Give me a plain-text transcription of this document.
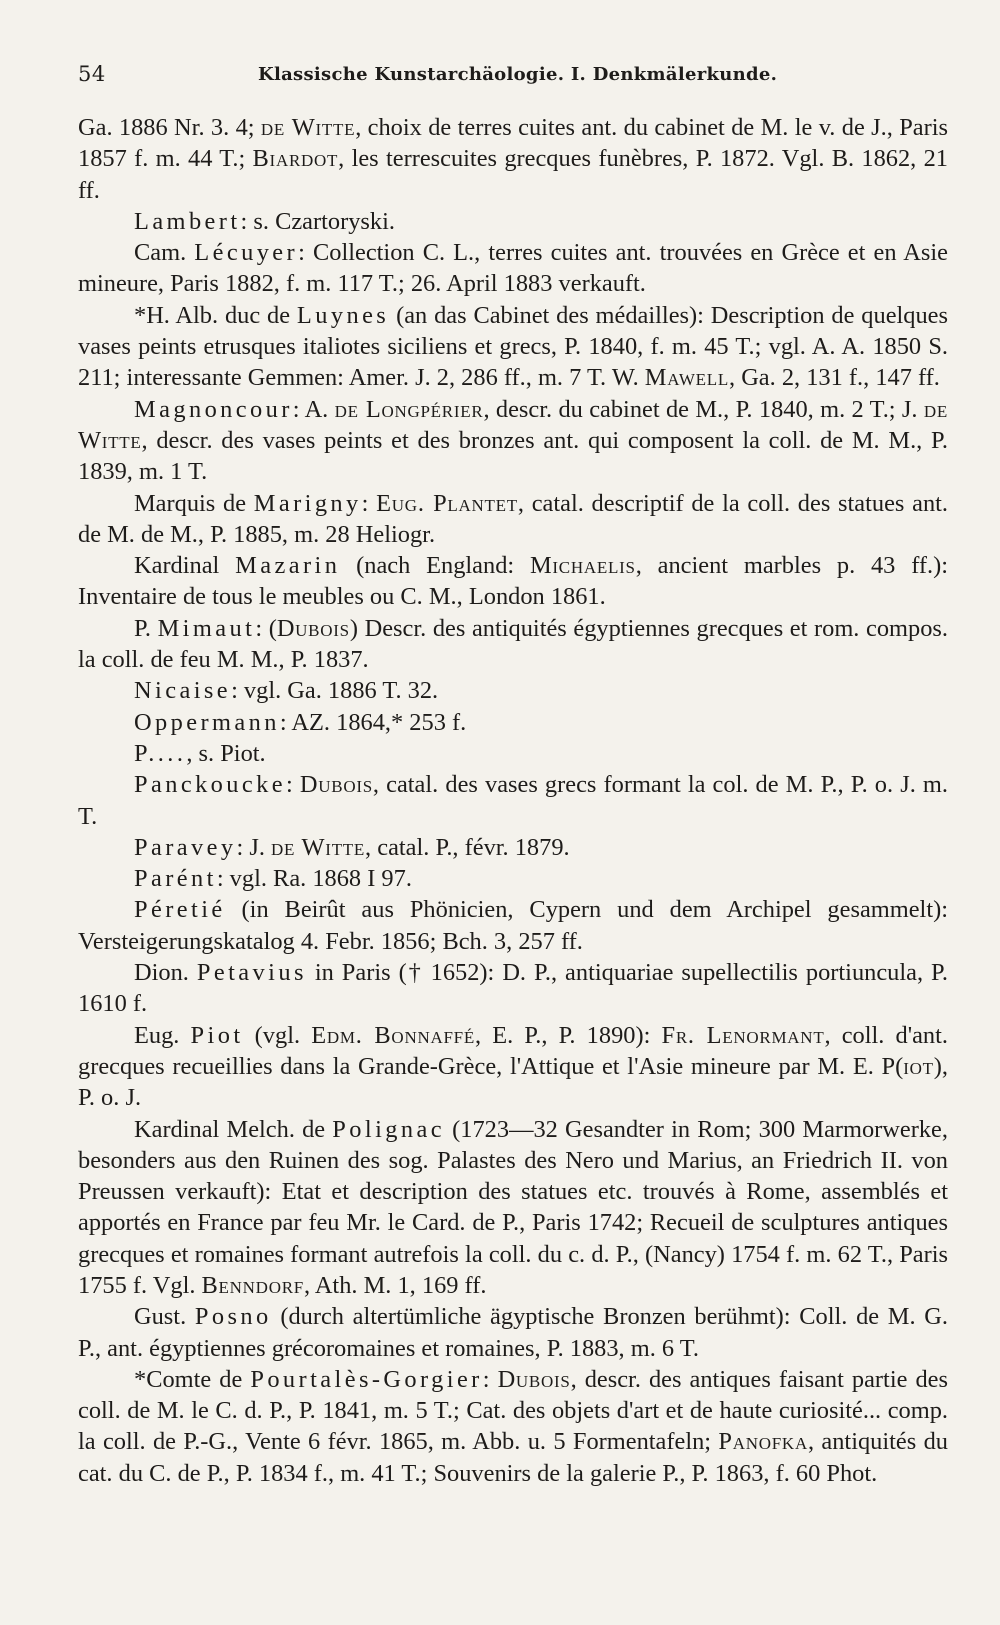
54	Klassische Kunstarchäologie. I. Denkmälerkunde.

Ga. 1886 Nr. 3. 4; de Witte, choix de terres cuites ant. du cabinet de M. le v. de J., Paris 1857 f. m. 44 T.; Biardot, les terrescuites grecques funèbres, P. 1872. Vgl. B. 1862, 21 ff.

Lambert: s. Czartoryski.

Cam. Lécuyer: Collection C. L., terres cuites ant. trouvées en Grèce et en Asie mineure, Paris 1882, f. m. 117 T.; 26. April 1883 verkauft.

*H. Alb. duc de Luynes (an das Cabinet des médailles): Description de quelques vases peints etrusques italiotes siciliens et grecs, P. 1840, f. m. 45 T.; vgl. A. A. 1850 S. 211; interessante Gemmen: Amer. J. 2, 286 ff., m. 7 T. W. Mawell, Ga. 2, 131 f., 147 ff.

Magnoncour: A. de Longpérier, descr. du cabinet de M., P. 1840, m. 2 T.; J. de Witte, descr. des vases peints et des bronzes ant. qui composent la coll. de M. M., P. 1839, m. 1 T.

Marquis de Marigny: Eug. Plantet, catal. descriptif de la coll. des statues ant. de M. de M., P. 1885, m. 28 Heliogr.

Kardinal Mazarin (nach England: Michaelis, ancient marbles p. 43 ff.): Inventaire de tous le meubles ou C. M., London 1861.

P. Mimaut: (Dubois) Descr. des antiquités égyptiennes grecques et rom. compos. la coll. de feu M. M., P. 1837.

Nicaise: vgl. Ga. 1886 T. 32.

Oppermann: AZ. 1864,* 253 f.

P...., s. Piot.

Panckoucke: Dubois, catal. des vases grecs formant la col. de M. P., P. o. J. m. T.

Paravey: J. de Witte, catal. P., févr. 1879.

Parént: vgl. Ra. 1868 I 97.

Péretié (in Beirût aus Phönicien, Cypern und dem Archipel gesammelt): Versteigerungskatalog 4. Febr. 1856; Bch. 3, 257 ff.

Dion. Petavius in Paris († 1652): D. P., antiquariae supellectilis portiuncula, P. 1610 f.

Eug. Piot (vgl. Edm. Bonnaffé, E. P., P. 1890): Fr. Lenormant, coll. d'ant. grecques recueillies dans la Grande-Grèce, l'Attique et l'Asie mineure par M. E. P(iot), P. o. J.

Kardinal Melch. de Polignac (1723—32 Gesandter in Rom; 300 Marmorwerke, besonders aus den Ruinen des sog. Palastes des Nero und Marius, an Friedrich II. von Preussen verkauft): Etat et description des statues etc. trouvés à Rome, assemblés et apportés en France par feu Mr. le Card. de P., Paris 1742; Recueil de sculptures antiques grecques et romaines formant autrefois la coll. du c. d. P., (Nancy) 1754 f. m. 62 T., Paris 1755 f. Vgl. Benndorf, Ath. M. 1, 169 ff.

Gust. Posno (durch altertümliche ägyptische Bronzen berühmt): Coll. de M. G. P., ant. égyptiennes grécoromaines et romaines, P. 1883, m. 6 T.

*Comte de Pourtalès-Gorgier: Dubois, descr. des antiques faisant partie des coll. de M. le C. d. P., P. 1841, m. 5 T.; Cat. des objets d'art et de haute curiosité... comp. la coll. de P.-G., Vente 6 févr. 1865, m. Abb. u. 5 Formentafeln; Panofka, antiquités du cat. du C. de P., P. 1834 f., m. 41 T.; Souvenirs de la galerie P., P. 1863, f. 60 Phot.
